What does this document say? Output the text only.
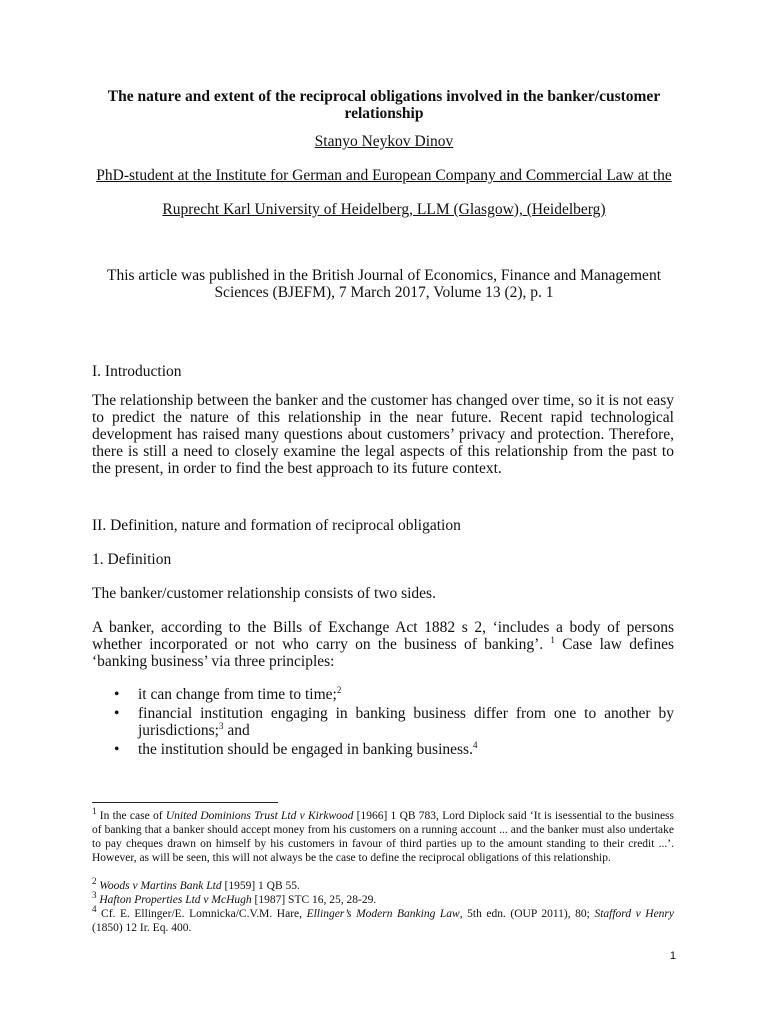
The nature and extent of the reciprocal obligations involved in the banker/customer relationship
Stanyo Neykov Dinov
PhD-student at the Institute for German and European Company and Commercial Law at the
Ruprecht Karl University of Heidelberg, LLM (Glasgow), (Heidelberg)
This article was published in the British Journal of Economics, Finance and Management Sciences (BJEFM), 7 March 2017, Volume 13 (2), p. 1
I. Introduction
The relationship between the banker and the customer has changed over time, so it is not easy to predict the nature of this relationship in the near future. Recent rapid technological development has raised many questions about customers’ privacy and protection. Therefore, there is still a need to closely examine the legal aspects of this relationship from the past to the present, in order to find the best approach to its future context.
II. Definition, nature and formation of reciprocal obligation
1. Definition
The banker/customer relationship consists of two sides.
A banker, according to the Bills of Exchange Act 1882 s 2, ‘includes a body of persons whether incorporated or not who carry on the business of banking’. $^1$ Case law defines ‘banking business’ via three principles:
• it can change from time to time;$^2$
• financial institution engaging in banking business differ from one to another by jurisdictions;$^3$ and
• the institution should be engaged in banking business.$^4$
$^1$ In the case of United Dominions Trust Ltd v Kirkwood [1966] 1 QB 783, Lord Diplock said ‘It is isessential to the business of banking that a banker should accept money from his customers on a running account ... and the banker must also undertake to pay cheques drawn on himself by his customers in favour of third parties up to the amount standing to their credit ...’. However, as will be seen, this will not always be the case to define the reciprocal obligations of this relationship.
$^2$ Woods v Martins Bank Ltd [1959] 1 QB 55.
$^3$ Hafton Properties Ltd v McHugh [1987] STC 16, 25, 28-29.
$^4$ Cf. E. Ellinger/E. Lomnicka/C.V.M. Hare, Ellinger’s Modern Banking Law, 5th edn. (OUP 2011), 80; Stafford v Henry (1850) 12 Ir. Eq. 400.
1
